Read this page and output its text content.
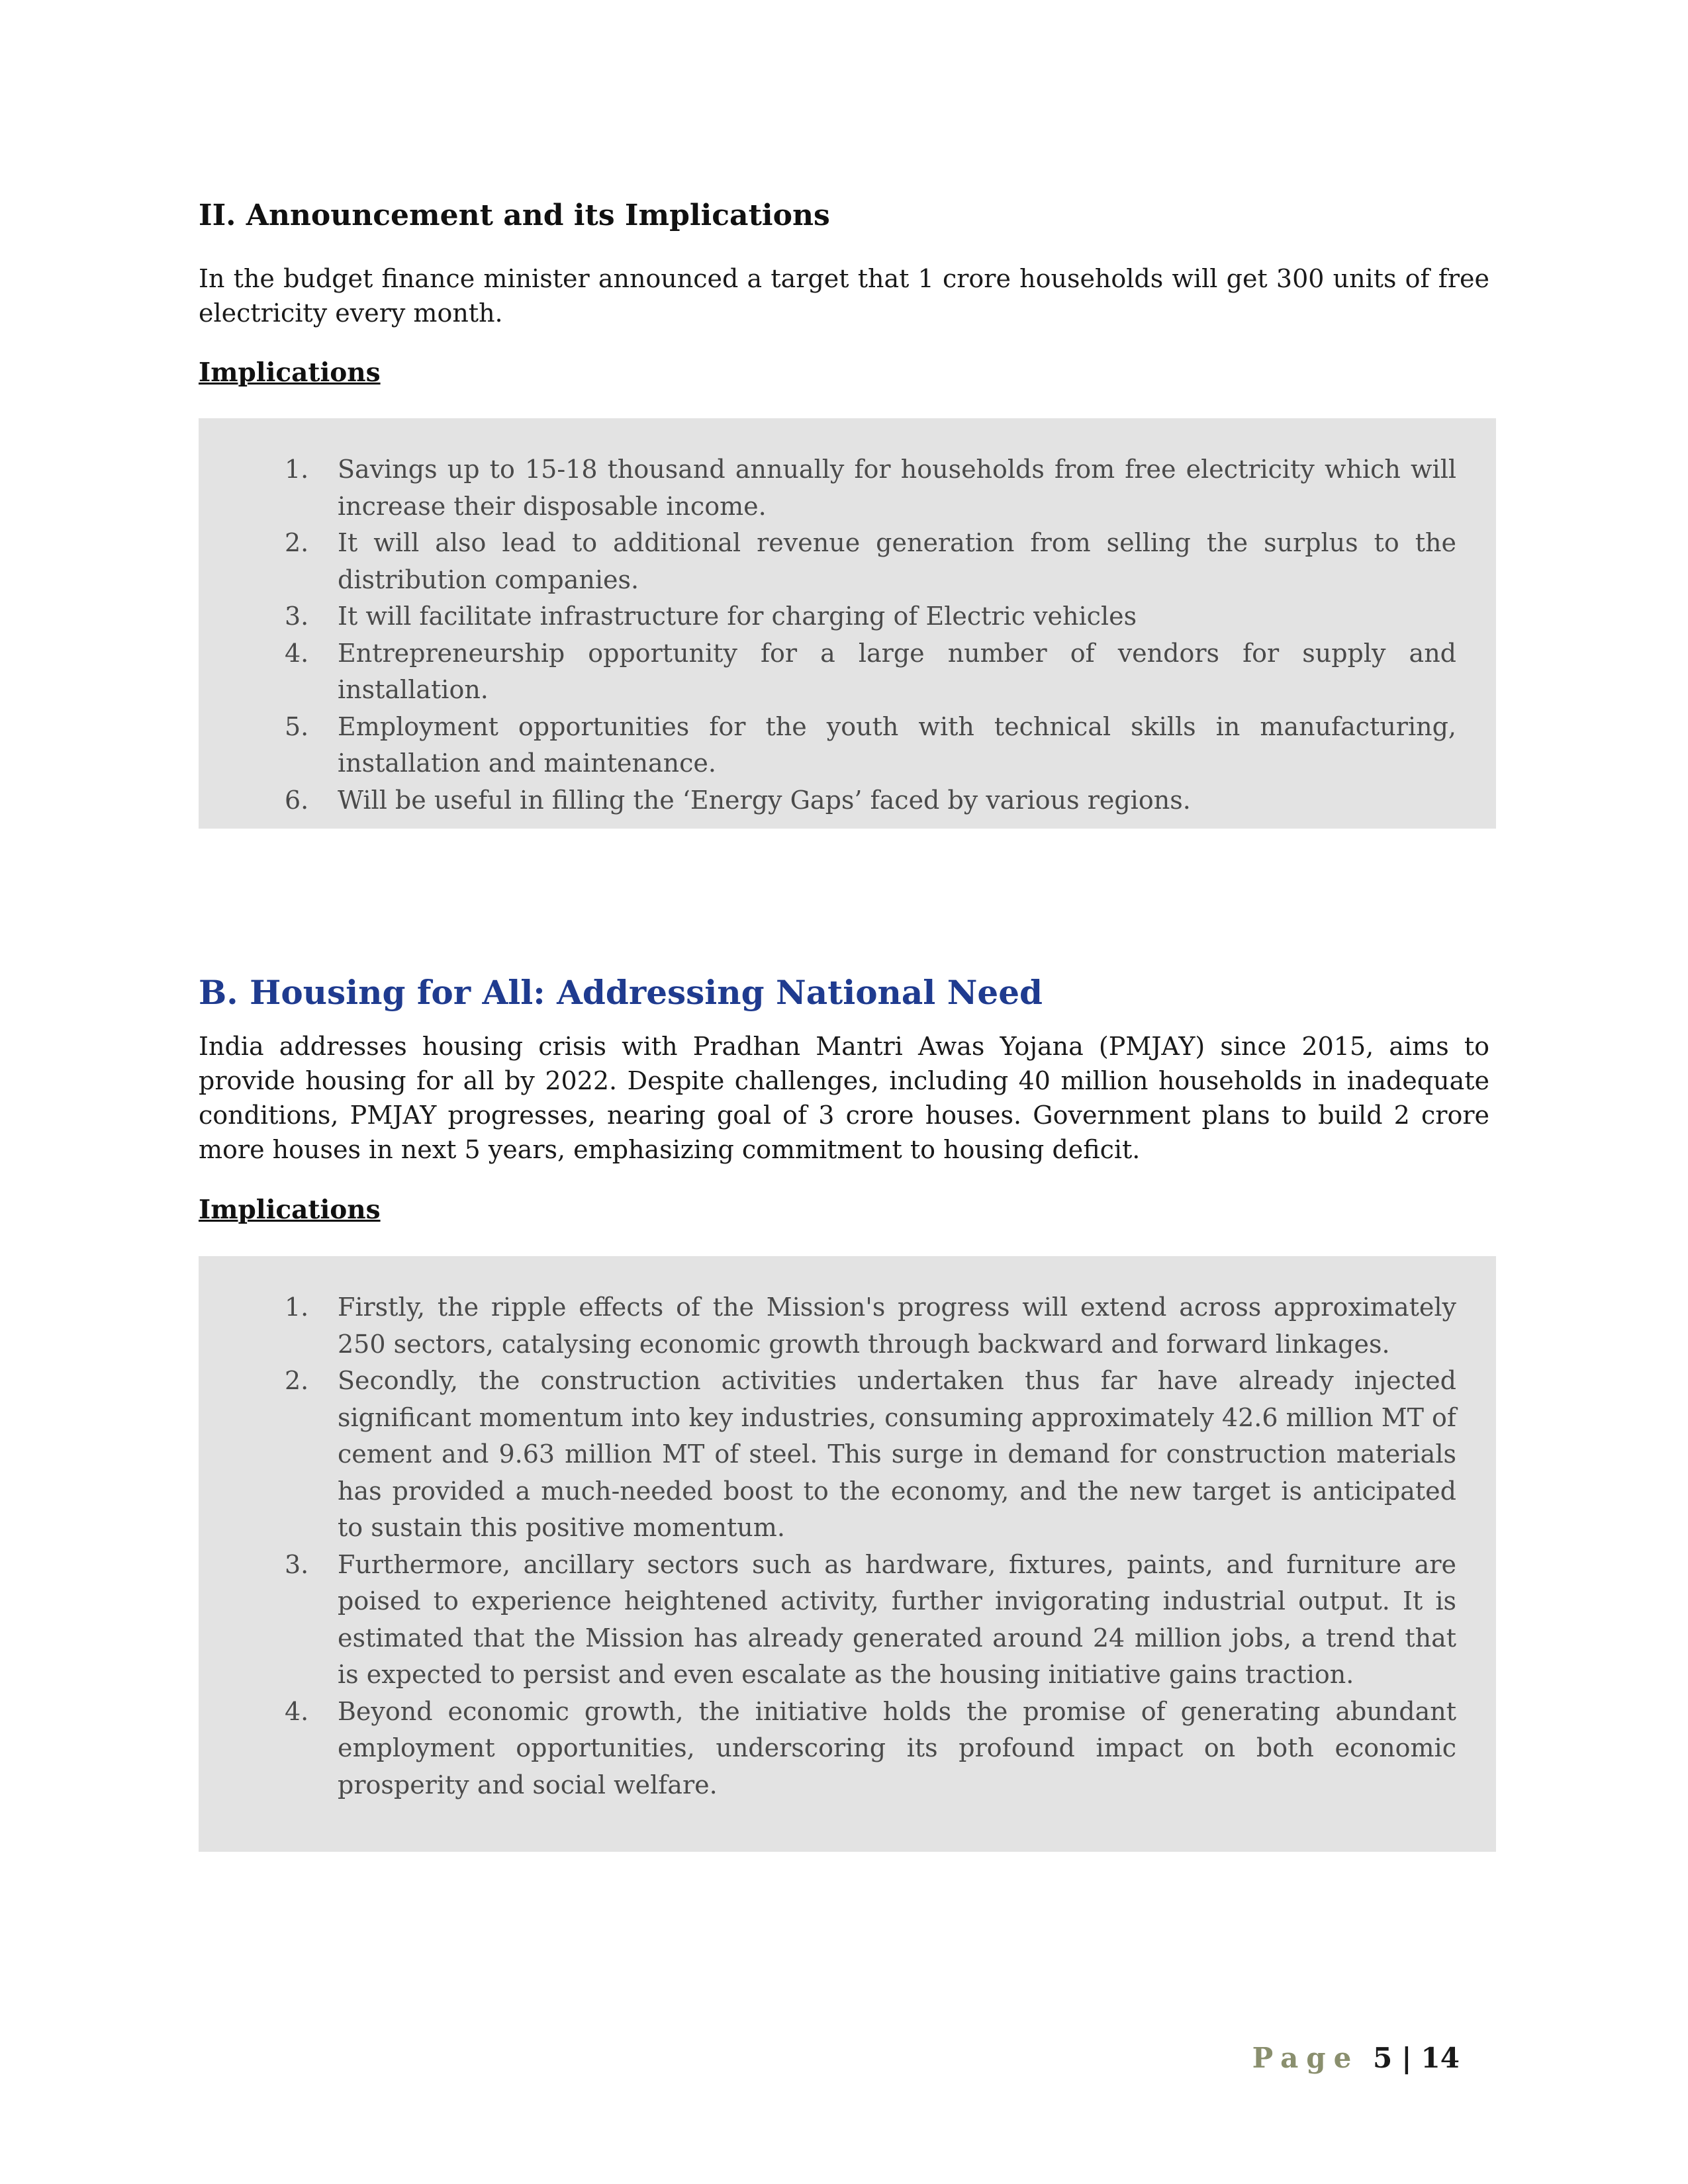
II. Announcement and its Implications

In the budget finance minister announced a target that 1 crore households will get 300 units of free electricity every month.

Implications

1.	Savings up to 15-18 thousand annually for households from free electricity which will increase their disposable income.
2.	It will also lead to additional revenue generation from selling the surplus to the distribution companies.
3.	It will facilitate infrastructure for charging of Electric vehicles
4.	Entrepreneurship opportunity for a large number of vendors for supply and installation.
5.	Employment opportunities for the youth with technical skills in manufacturing, installation and maintenance.
6.	Will be useful in filling the ‘Energy Gaps’ faced by various regions.
B. Housing for All: Addressing National Need

India addresses housing crisis with Pradhan Mantri Awas Yojana (PMJAY) since 2015, aims to provide housing for all by 2022. Despite challenges, including 40 million households in inadequate conditions, PMJAY progresses, nearing goal of 3 crore houses. Government plans to build 2 crore more houses in next 5 years, emphasizing commitment to housing deficit.

Implications

1.	Firstly, the ripple effects of the Mission's progress will extend across approximately 250 sectors, catalysing economic growth through backward and forward linkages.
2.	Secondly, the construction activities undertaken thus far have already injected significant momentum into key industries, consuming approximately 42.6 million MT of cement and 9.63 million MT of steel. This surge in demand for construction materials has provided a much-needed boost to the economy, and the new target is anticipated to sustain this positive momentum.
3.	Furthermore, ancillary sectors such as hardware, fixtures, paints, and furniture are poised to experience heightened activity, further invigorating industrial output. It is estimated that the Mission has already generated around 24 million jobs, a trend that is expected to persist and even escalate as the housing initiative gains traction.
4.	Beyond economic growth, the initiative holds the promise of generating abundant employment opportunities, underscoring its profound impact on both economic prosperity and social welfare.
Page 5 | 14
